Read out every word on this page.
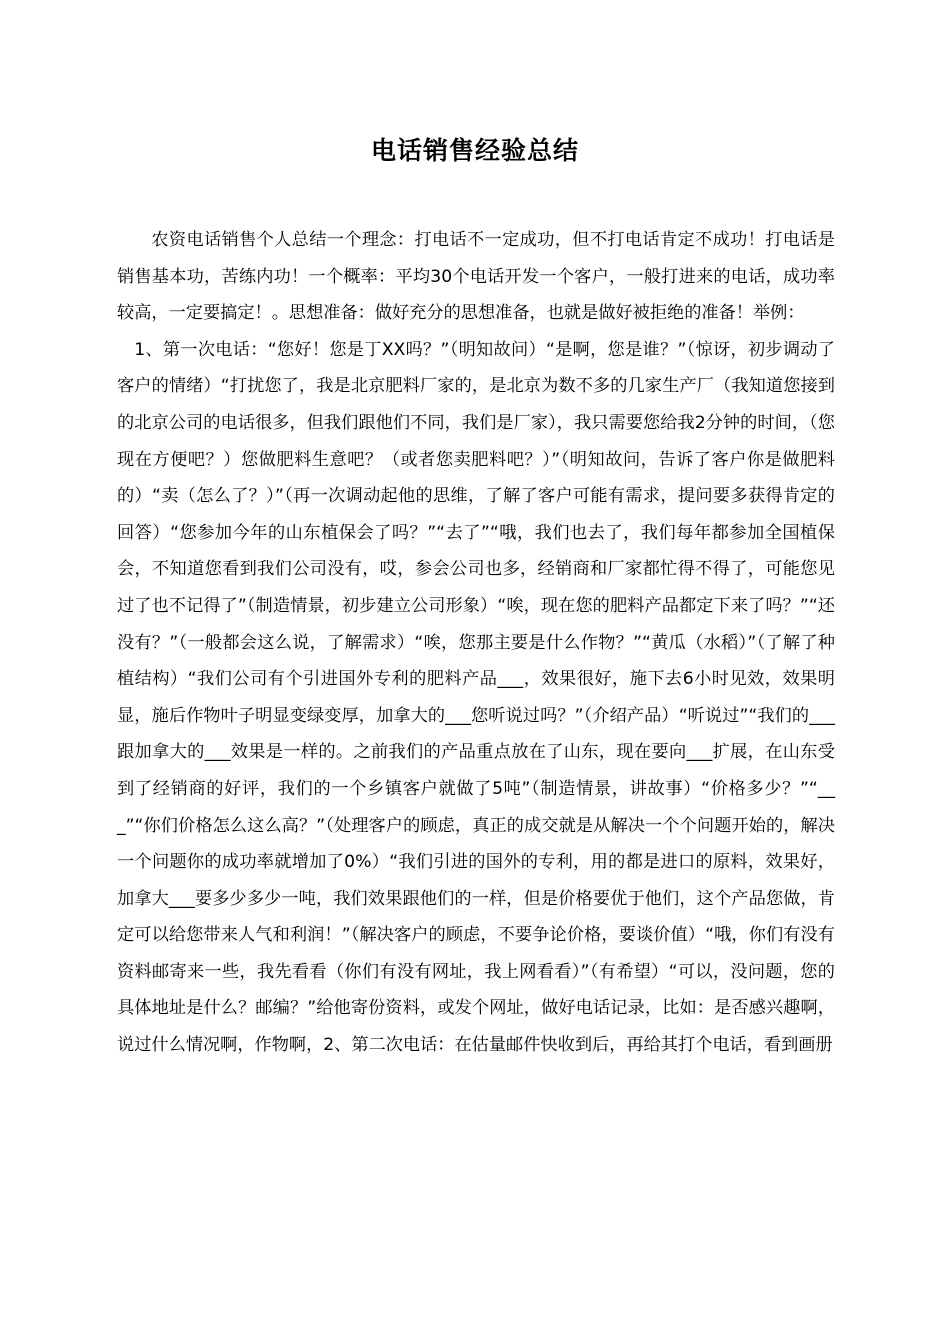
电话销售经验总结

农资电话销售个人总结一个理念：打电话不一定成功，但不打电话肯定不成功！打电话是销售基本功，苦练内功！一个概率：平均30个电话开发一个客户，一般打进来的电话，成功率较高，一定要搞定！。思想准备：做好充分的思想准备，也就是做好被拒绝的准备！举例：

1、第一次电话：“您好！您是丁XX吗？”（明知故问）“是啊，您是谁？”（惊讶，初步调动了客户的情绪）“打扰您了，我是北京肥料厂家的，是北京为数不多的几家生产厂（我知道您接到的北京公司的电话很多，但我们跟他们不同，我们是厂家），我只需要您给我2分钟的时间，（您现在方便吧？）您做肥料生意吧？（或者您卖肥料吧？）”（明知故问，告诉了客户你是做肥料的）“卖（怎么了？）”（再一次调动起他的思维，了解了客户可能有需求，提问要多获得肯定的回答）“您参加今年的山东植保会了吗？”“去了”“哦，我们也去了，我们每年都参加全国植保会，不知道您看到我们公司没有，哎，参会公司也多，经销商和厂家都忙得不得了，可能您见过了也不记得了”（制造情景，初步建立公司形象）“唉，现在您的肥料产品都定下来了吗？”“还没有？”（一般都会这么说，了解需求）“唉，您那主要是什么作物？”“黄瓜（水稻）”（了解了种植结构）“我们公司有个引进国外专利的肥料产品___，效果很好，施下去6小时见效，效果明显，施后作物叶子明显变绿变厚，加拿大的___您听说过吗？”（介绍产品）“听说过”“我们的___跟加拿大的___效果是一样的。之前我们的产品重点放在了山东，现在要向___扩展，在山东受到了经销商的好评，我们的一个乡镇客户就做了5吨”（制造情景，讲故事）“价格多少？”“___”“你们价格怎么这么高？”（处理客户的顾虑，真正的成交就是从解决一个个问题开始的，解决一个问题你的成功率就增加了0%）“我们引进的国外的专利，用的都是进口的原料，效果好，加拿大___要多少多少一吨，我们效果跟他们的一样，但是价格要优于他们，这个产品您做，肯定可以给您带来人气和利润！”（解决客户的顾虑，不要争论价格，要谈价值）“哦，你们有没有资料邮寄来一些，我先看看（你们有没有网址，我上网看看）”（有希望）“可以，没问题，您的具体地址是什么？邮编？”给他寄份资料，或发个网址，做好电话记录，比如：是否感兴趣啊，说过什么情况啊，作物啊，2、第二次电话：在估量邮件快收到后，再给其打个电话，看到画册
